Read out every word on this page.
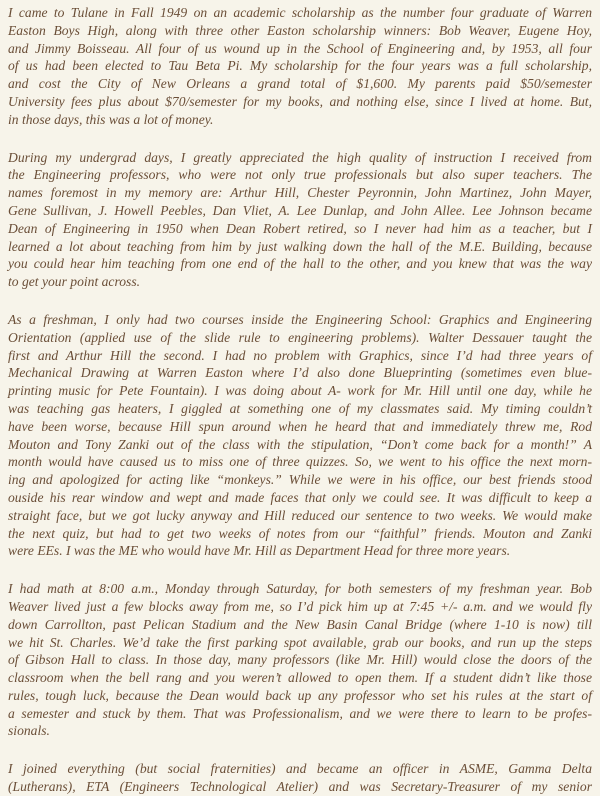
I came to Tulane in Fall 1949 on an academic scholarship as the number four graduate of Warren
Easton Boys High, along with three other Easton scholarship winners: Bob Weaver, Eugene Hoy,
and Jimmy Boisseau. All four of us wound up in the School of Engineering and, by 1953, all four
of us had been elected to Tau Beta Pi. My scholarship for the four years was a full scholarship,
and cost the City of New Orleans a grand total of $1,600. My parents paid $50/semester
University fees plus about $70/semester for my books, and nothing else, since I lived at home. But,
in those days, this was a lot of money.
During my undergrad days, I greatly appreciated the high quality of instruction I received from
the Engineering professors, who were not only true professionals but also super teachers. The
names foremost in my memory are: Arthur Hill, Chester Peyronnin, John Martinez, John Mayer,
Gene Sullivan, J. Howell Peebles, Dan Vliet, A. Lee Dunlap, and John Allee. Lee Johnson became
Dean of Engineering in 1950 when Dean Robert retired, so I never had him as a teacher, but I
learned a lot about teaching from him by just walking down the hall of the M.E. Building, because
you could hear him teaching from one end of the hall to the other, and you knew that was the way
to get your point across.
As a freshman, I only had two courses inside the Engineering School: Graphics and Engineering
Orientation (applied use of the slide rule to engineering problems). Walter Dessauer taught the
first and Arthur Hill the second. I had no problem with Graphics, since I’d had three years of
Mechanical Drawing at Warren Easton where I’d also done Blueprinting (sometimes even blue-
printing music for Pete Fountain). I was doing about A- work for Mr. Hill until one day, while he
was teaching gas heaters, I giggled at something one of my classmates said. My timing couldn’t
have been worse, because Hill spun around when he heard that and immediately threw me, Rod
Mouton and Tony Zanki out of the class with the stipulation, “Don’t come back for a month!” A
month would have caused us to miss one of three quizzes. So, we went to his office the next morn-
ing and apologized for acting like “monkeys.” While we were in his office, our best friends stood
ouside his rear window and wept and made faces that only we could see. It was difficult to keep a
straight face, but we got lucky anyway and Hill reduced our sentence to two weeks. We would make
the next quiz, but had to get two weeks of notes from our “faithful” friends. Mouton and Zanki
were EEs. I was the ME who would have Mr. Hill as Department Head for three more years.
I had math at 8:00 a.m., Monday through Saturday, for both semesters of my freshman year. Bob
Weaver lived just a few blocks away from me, so I’d pick him up at 7:45 +/- a.m. and we would fly
down Carrollton, past Pelican Stadium and the New Basin Canal Bridge (where 1-10 is now) till
we hit St. Charles. We’d take the first parking spot available, grab our books, and run up the steps
of Gibson Hall to class. In those day, many professors (like Mr. Hill) would close the doors of the
classroom when the bell rang and you weren’t allowed to open them. If a student didn’t like those
rules, tough luck, because the Dean would back up any professor who set his rules at the start of
a semester and stuck by them. That was Professionalism, and we were there to learn to be profes-
sionals.
I joined everything (but social fraternities) and became an officer in ASME, Gamma Delta
(Lutherans), ETA (Engineers Technological Atelier) and was Secretary-Treasurer of my senior
